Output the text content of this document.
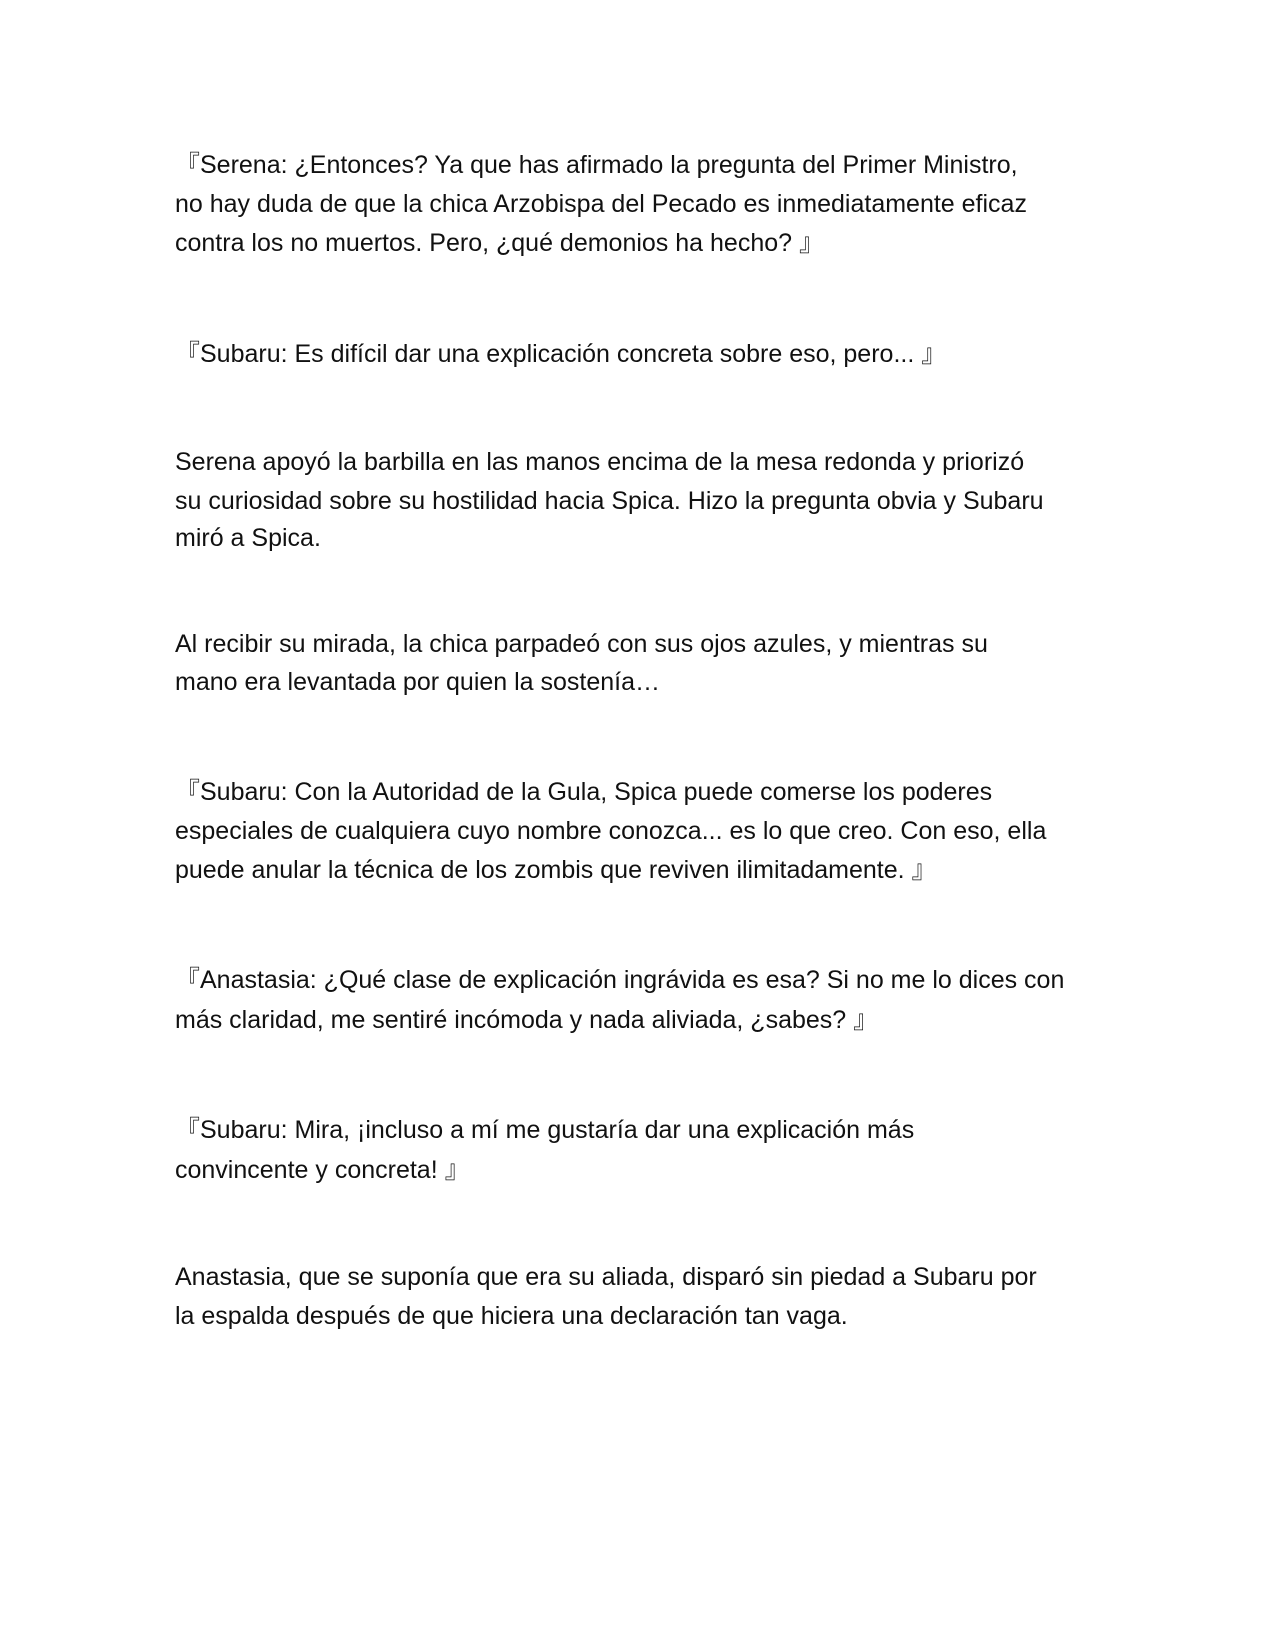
『Serena: ¿Entonces? Ya que has afirmado la pregunta del Primer Ministro,
no hay duda de que la chica Arzobispa del Pecado es inmediatamente eficaz
contra los no muertos. Pero, ¿qué demonios ha hecho? 』
『Subaru: Es difícil dar una explicación concreta sobre eso, pero... 』
Serena apoyó la barbilla en las manos encima de la mesa redonda y priorizó
su curiosidad sobre su hostilidad hacia Spica. Hizo la pregunta obvia y Subaru
miró a Spica.
Al recibir su mirada, la chica parpadeó con sus ojos azules, y mientras su
mano era levantada por quien la sostenía…
『Subaru: Con la Autoridad de la Gula, Spica puede comerse los poderes
especiales de cualquiera cuyo nombre conozca... es lo que creo. Con eso, ella
puede anular la técnica de los zombis que reviven ilimitadamente. 』
『Anastasia: ¿Qué clase de explicación ingrávida es esa? Si no me lo dices con
más claridad, me sentiré incómoda y nada aliviada, ¿sabes? 』
『Subaru: Mira, ¡incluso a mí me gustaría dar una explicación más
convincente y concreta! 』
Anastasia, que se suponía que era su aliada, disparó sin piedad a Subaru por
la espalda después de que hiciera una declaración tan vaga.
